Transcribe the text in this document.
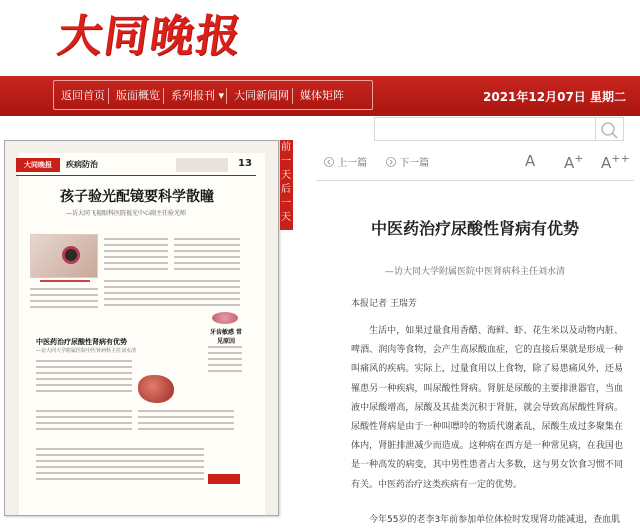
大同晚报
返回首页 版面概览 系列报刊 ▾ 大同新闻网 媒体矩阵	2021年12月07日 星期二
大同晚报	疾病防治	13
孩子验光配镜要科学散瞳
—访大同飞视眼科医院视光中心副主任验光师
牙齿敏感 常见原因
中医药治疗尿酸性肾病有优势
—访大同大学附属医院中医肾病科主任刘水清
前一天 后一天
上一篇	下一篇	A A+ A++
中医药治疗尿酸性肾病有优势
—访大同大学附属医院中医肾病科主任刘水清
本报记者 王瑞芳

生活中，如果过量食用香醋、海鲜、虾、花生米以及动物内脏、啤酒、润肉等食物，会产生高尿酸血症，它的直接后果就是形成一种叫痛风的疾病。实际上，过量食用以上食物，除了易患痛风外，还易罹患另一种疾病，叫尿酸性肾病。肾脏是尿酸的主要排泄器官，当血液中尿酸增高，尿酸及其盐类沉积于肾脏，就会导致高尿酸性肾病。尿酸性肾病是由于一种叫嘌呤的物质代谢紊乱，尿酸生成过多聚集在体内，肾脏排泄减少而造成。这种病在西方是一种常见病，在我国也是一种高发的病变，其中男性患者占大多数，这与男女饮食习惯不同有关。中医药治疗这类疾病有一定的优势。

今年55岁的老李3年前参加单位体检时发现肾功能减退，查血肌
